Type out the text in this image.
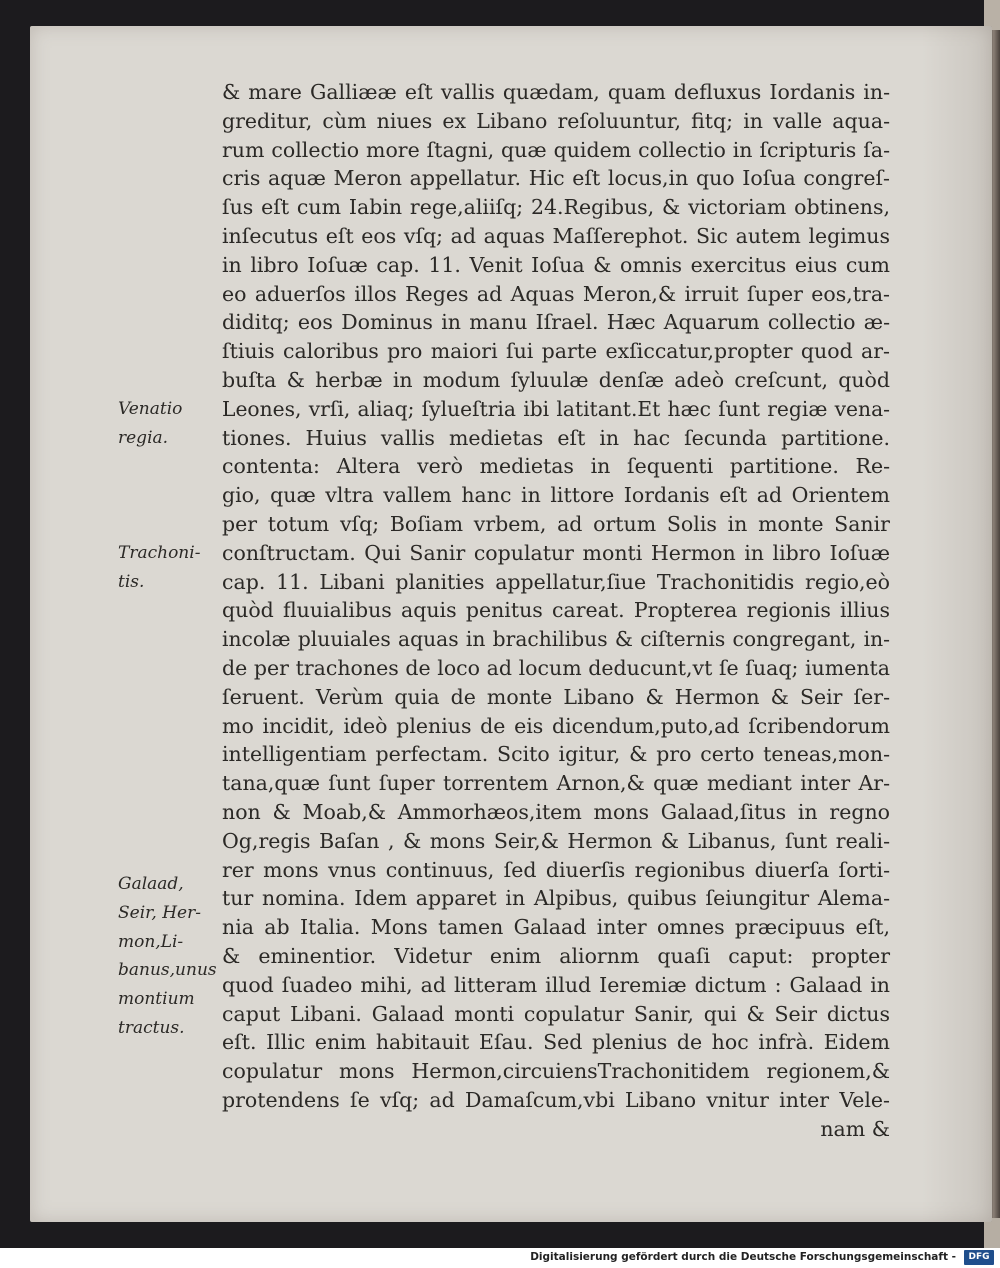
& mare Galliææ eſt vallis quædam, quam defluxus Iordanis in-
greditur, cùm niues ex Libano reſoluuntur, fitq; in valle aqua-
rum collectio more ſtagni, quæ quidem collectio in ſcripturis ſa-
cris aquæ Meron appellatur. Hic eſt locus,in quo Ioſua congreſ-
ſus eſt cum Iabin rege,aliiſq; 24.Regibus, & victoriam obtinens,
inſecutus eſt eos vſq; ad aquas Maſſerephot. Sic autem legimus
in libro Ioſuæ cap. 11. Venit Ioſua & omnis exercitus eius cum
eo aduerſos illos Reges ad Aquas Meron,& irruit ſuper eos,tra-
diditq; eos Dominus in manu Iſrael. Hæc Aquarum collectio æ-
ſtiuis caloribus pro maiori ſui parte exſiccatur,propter quod ar-
buſta & herbæ in modum ſyluulæ denſæ adeò creſcunt, quòd
Leones, vrſi, aliaq; ſylueſtria ibi latitant.Et hæc ſunt regiæ vena-
tiones. Huius vallis medietas eſt in hac ſecunda partitione.
contenta: Altera verò medietas in ſequenti partitione. Re-
gio, quæ vltra vallem hanc in littore Iordanis eſt ad Orientem
per totum vſq; Boſiam vrbem, ad ortum Solis in monte Sanir
conſtructam. Qui Sanir copulatur monti Hermon in libro Ioſuæ
cap. 11. Libani planities appellatur,ſiue Trachonitidis regio,eò
quòd fluuialibus aquis penitus careat. Propterea regionis illius
incolæ pluuiales aquas in brachilibus & ciſternis congregant, in-
de per trachones de loco ad locum deducunt,vt ſe ſuaq; iumenta
ſeruent. Verùm quia de monte Libano & Hermon & Seir ſer-
mo incidit, ideò plenius de eis dicendum,puto,ad ſcribendorum
intelligentiam perfectam. Scito igitur, & pro certo teneas,mon-
tana,quæ ſunt ſuper torrentem Arnon,& quæ mediant inter Ar-
non & Moab,& Ammorhæos,item mons Galaad,ſitus in regno
Og,regis Baſan , & mons Seir,& Hermon & Libanus, ſunt reali-
rer mons vnus continuus, ſed diuerſis regionibus diuerſa ſorti-
tur nomina. Idem apparet in Alpibus, quibus ſeiungitur Alema-
nia ab Italia. Mons tamen Galaad inter omnes præcipuus eſt,
& eminentior. Videtur enim aliornm quaſi caput: propter
quod ſuadeo mihi, ad litteram illud Ieremiæ dictum : Galaad in
caput Libani. Galaad monti copulatur Sanir, qui & Seir dictus
eſt. Illic enim habitauit Eſau. Sed plenius de hoc infrà. Eidem
copulatur mons Hermon,circuiensTrachonitidem regionem,&
protendens ſe vſq; ad Damaſcum,vbi Libano vnitur inter Vele-
nam &
Venatio
regia.
Trachoni-
tis.
Galaad,
Seir, Her-
mon,Li-
banus,unus
montium
tractus.
Digitalisierung gefördert durch die Deutsche Forschungsgemeinschaft -	DFG
